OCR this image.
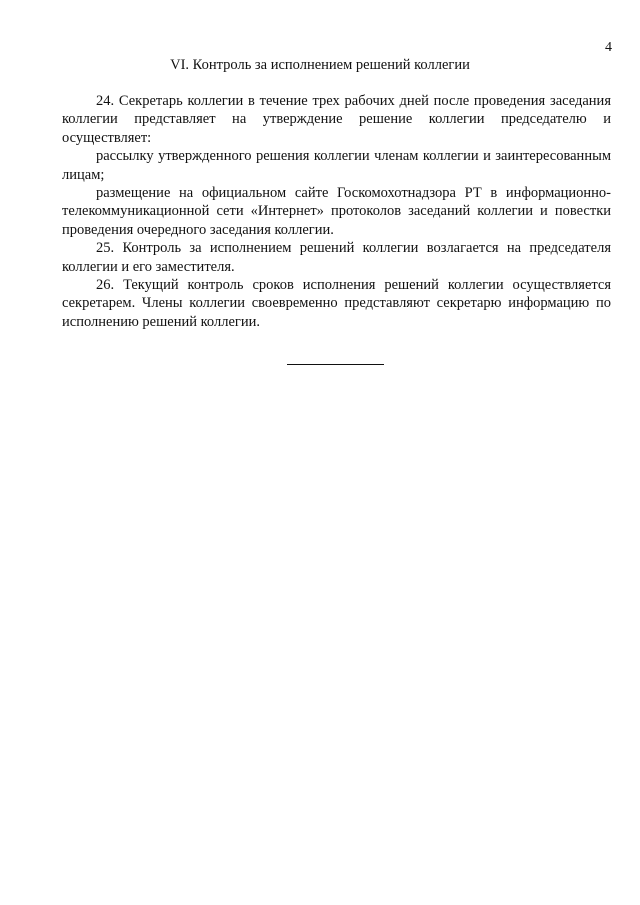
4
VI. Контроль за исполнением решений коллегии

24. Секретарь коллегии в течение трех рабочих дней после проведения заседания коллегии представляет на утверждение решение коллегии председателю и осуществляет:

рассылку утвержденного решения коллегии членам коллегии и заинтересованным лицам;

размещение на официальном сайте Госкомохотнадзора РТ в информационно-телекоммуникационной сети «Интернет» протоколов заседаний коллегии и повестки проведения очередного заседания коллегии.

25. Контроль за исполнением решений коллегии возлагается на председателя коллегии и его заместителя.

26. Текущий контроль сроков исполнения решений коллегии осуществляется секретарем. Члены коллегии своевременно представляют секретарю информацию по исполнению решений коллегии.
